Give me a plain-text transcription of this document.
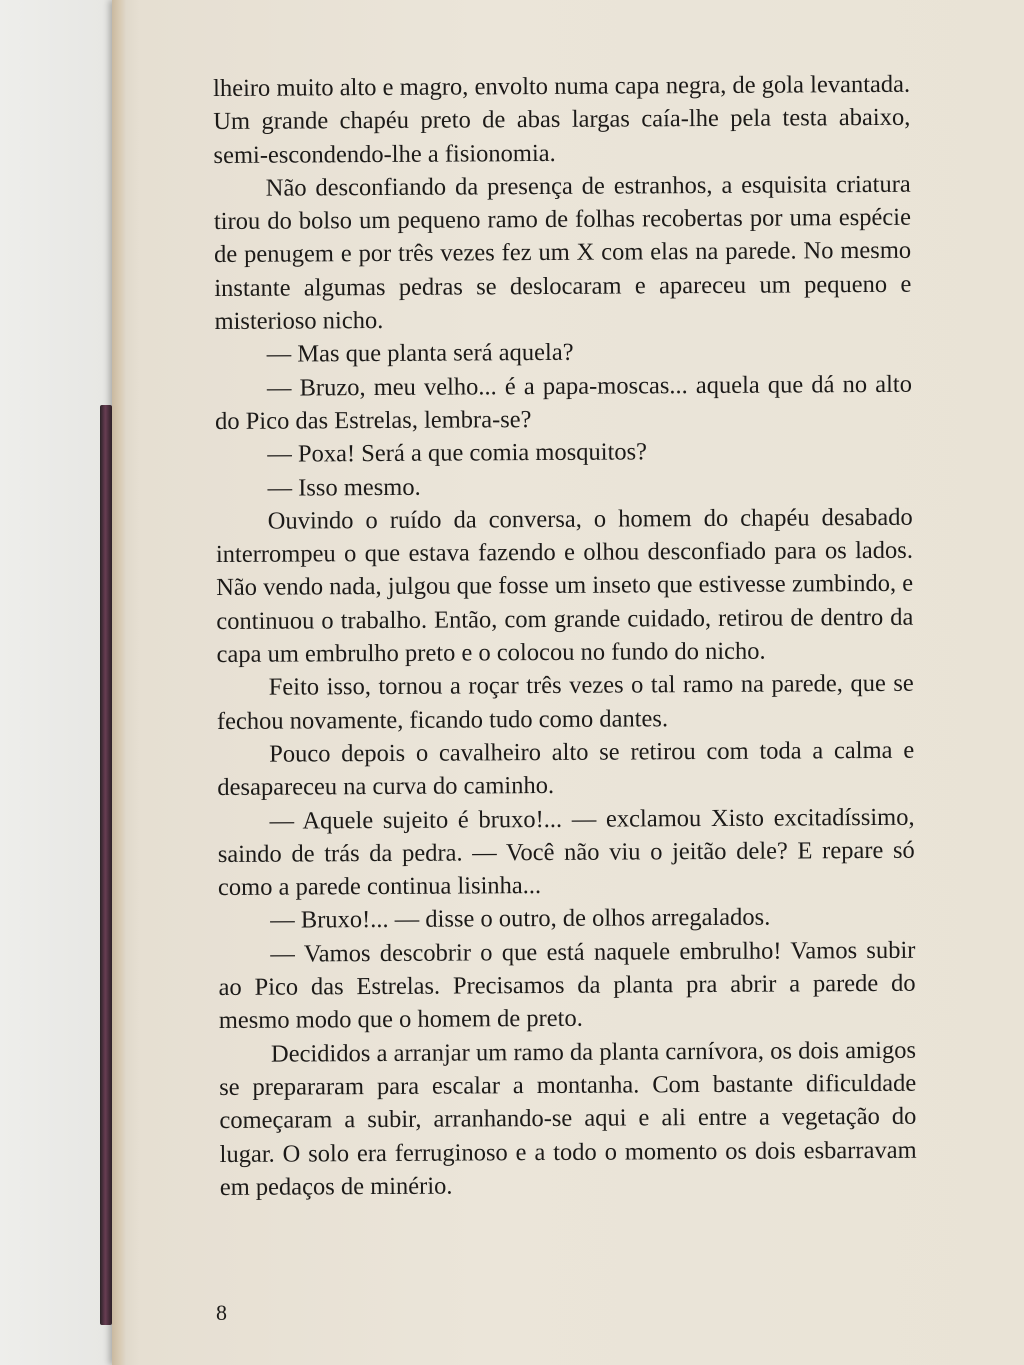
lheiro muito alto e magro, envolto numa capa negra, de gola levantada. Um grande chapéu preto de abas largas caía-lhe pela testa abaixo, semi-escondendo-lhe a fisionomia.

Não desconfiando da presença de estranhos, a esquisita criatura tirou do bolso um pequeno ramo de folhas recobertas por uma espécie de penugem e por três vezes fez um X com elas na parede. No mesmo instante algumas pedras se deslocaram e apareceu um pequeno e misterioso nicho.

— Mas que planta será aquela?

— Bruzo, meu velho... é a papa-moscas... aquela que dá no alto do Pico das Estrelas, lembra-se?

— Poxa! Será a que comia mosquitos?

— Isso mesmo.

Ouvindo o ruído da conversa, o homem do chapéu desabado interrompeu o que estava fazendo e olhou desconfiado para os lados. Não vendo nada, julgou que fosse um inseto que estivesse zumbindo, e continuou o trabalho. Então, com grande cuidado, retirou de dentro da capa um embrulho preto e o colocou no fundo do nicho.

Feito isso, tornou a roçar três vezes o tal ramo na parede, que se fechou novamente, ficando tudo como dantes.

Pouco depois o cavalheiro alto se retirou com toda a calma e desapareceu na curva do caminho.

— Aquele sujeito é bruxo!... — exclamou Xisto excitadíssimo, saindo de trás da pedra. — Você não viu o jeitão dele? E repare só como a parede continua lisinha...

— Bruxo!... — disse o outro, de olhos arregalados.

— Vamos descobrir o que está naquele embrulho! Vamos subir ao Pico das Estrelas. Precisamos da planta pra abrir a parede do mesmo modo que o homem de preto.

Decididos a arranjar um ramo da planta carnívora, os dois amigos se prepararam para escalar a montanha. Com bastante dificuldade começaram a subir, arranhando-se aqui e ali entre a vegetação do lugar. O solo era ferruginoso e a todo o momento os dois esbarravam em pedaços de minério.

8
